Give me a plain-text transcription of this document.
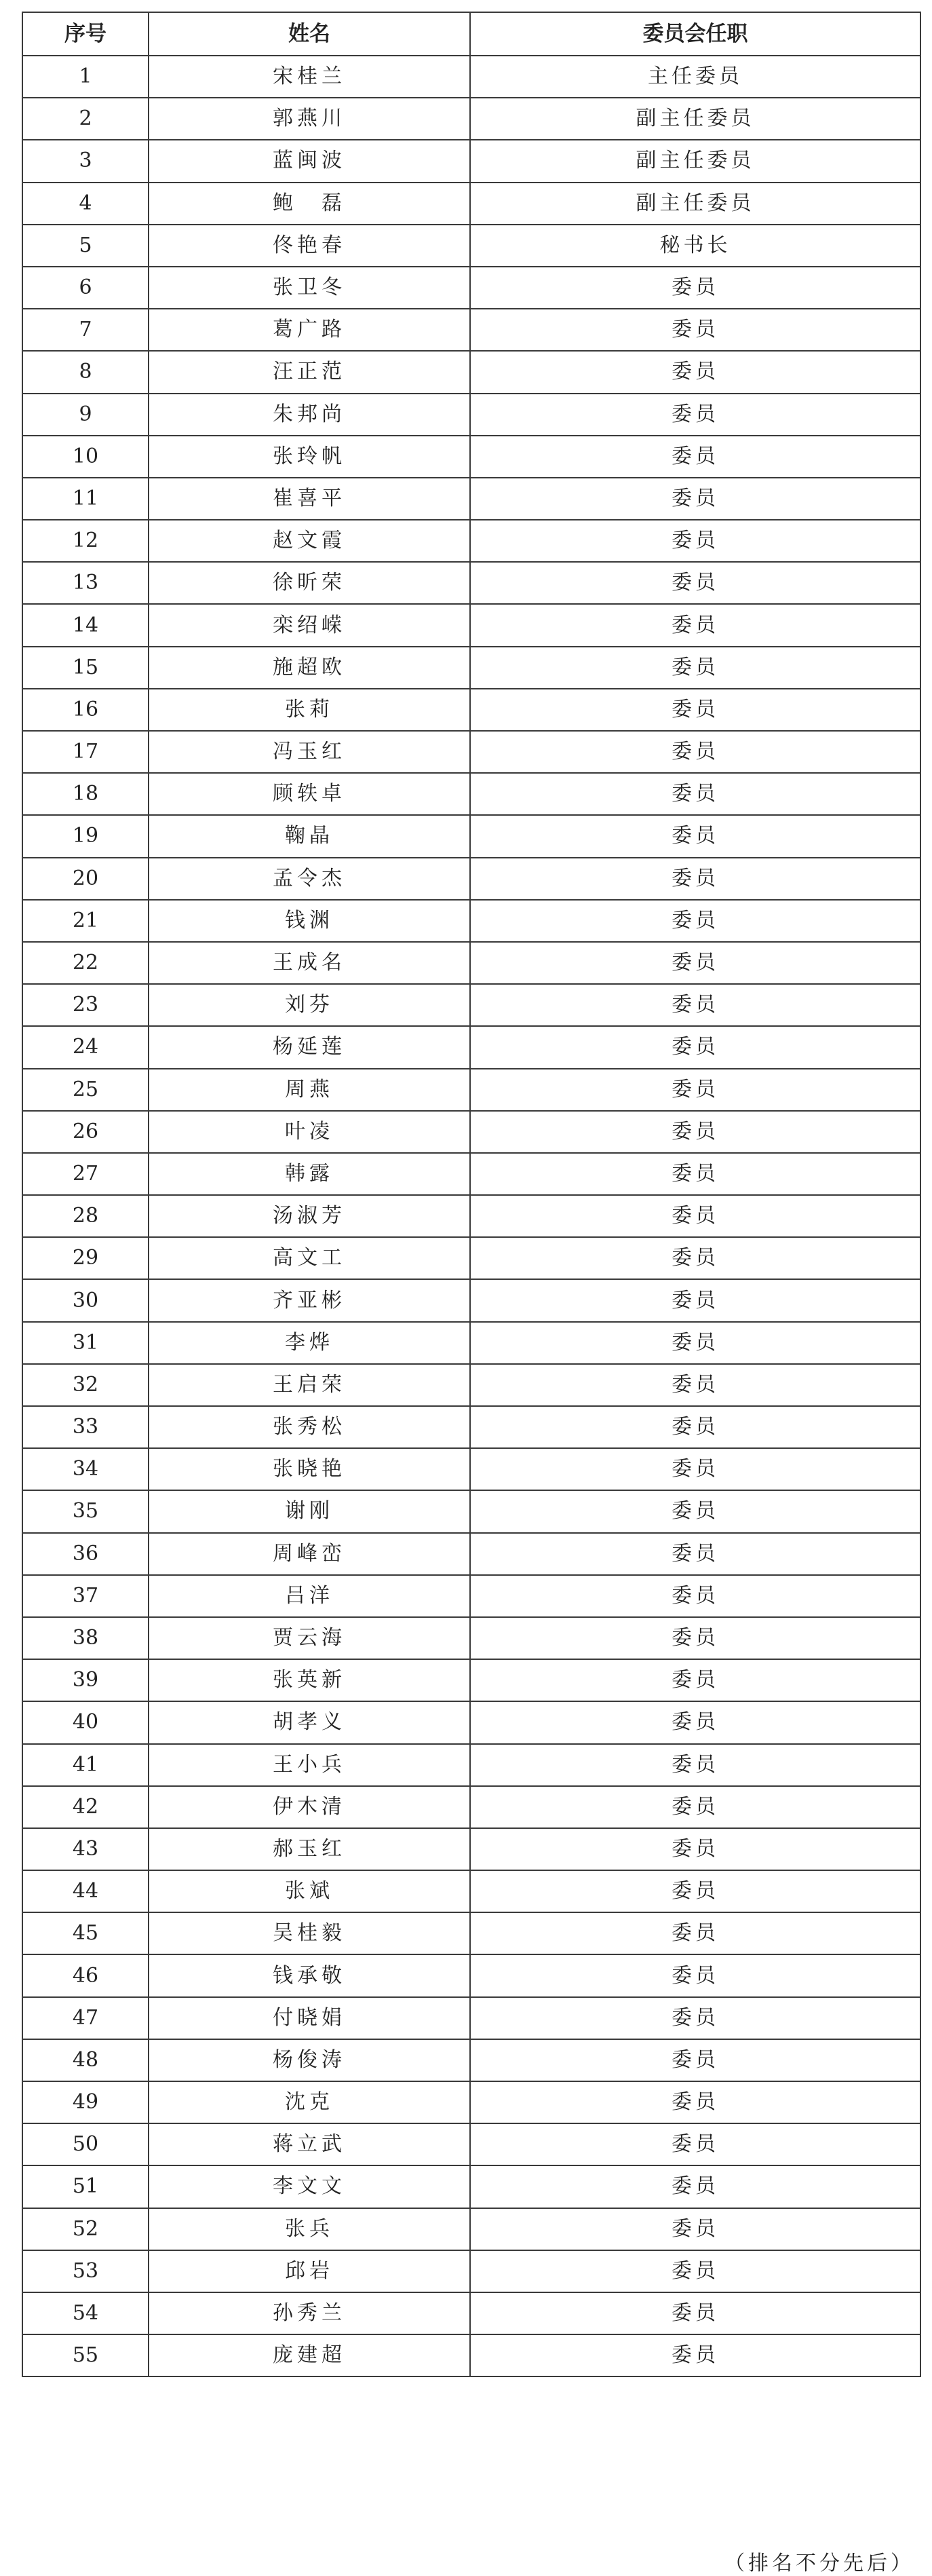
序号	姓名	委员会任职
1	宋桂兰	主任委员
2	郭燕川	副主任委员
3	蓝闽波	副主任委员
4	鲍　磊	副主任委员
5	佟艳春	秘书长
6	张卫冬	委员
7	葛广路	委员
8	汪正范	委员
9	朱邦尚	委员
10	张玲帆	委员
11	崔喜平	委员
12	赵文霞	委员
13	徐昕荣	委员
14	栾绍嵘	委员
15	施超欧	委员
16	张莉	委员
17	冯玉红	委员
18	顾轶卓	委员
19	鞠晶	委员
20	孟令杰	委员
21	钱渊	委员
22	王成名	委员
23	刘芬	委员
24	杨延莲	委员
25	周燕	委员
26	叶凌	委员
27	韩露	委员
28	汤淑芳	委员
29	高文工	委员
30	齐亚彬	委员
31	李烨	委员
32	王启荣	委员
33	张秀松	委员
34	张晓艳	委员
35	谢刚	委员
36	周峰峦	委员
37	吕洋	委员
38	贾云海	委员
39	张英新	委员
40	胡孝义	委员
41	王小兵	委员
42	伊木清	委员
43	郝玉红	委员
44	张斌	委员
45	吴桂毅	委员
46	钱承敬	委员
47	付晓娟	委员
48	杨俊涛	委员
49	沈克	委员
50	蒋立武	委员
51	李文文	委员
52	张兵	委员
53	邱岩	委员
54	孙秀兰	委员
55	庞建超	委员
（排名不分先后）
